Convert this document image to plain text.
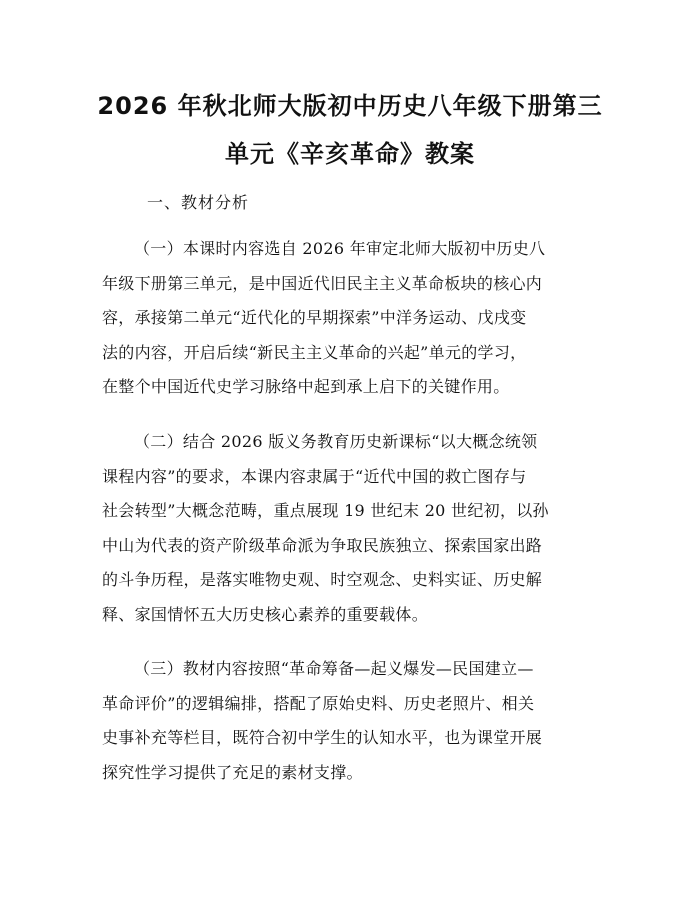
2026 年秋北师大版初中历史八年级下册第三
单元《辛亥革命》教案

一、教材分析

（一）本课时内容选自 2026 年审定北师大版初中历史八
年级下册第三单元，是中国近代旧民主主义革命板块的核心内
容，承接第二单元“近代化的早期探索”中洋务运动、戊戌变
法的内容，开启后续“新民主主义革命的兴起”单元的学习，
在整个中国近代史学习脉络中起到承上启下的关键作用。
（二）结合 2026 版义务教育历史新课标“以大概念统领
课程内容”的要求，本课内容隶属于“近代中国的救亡图存与
社会转型”大概念范畴，重点展现 19 世纪末 20 世纪初，以孙
中山为代表的资产阶级革命派为争取民族独立、探索国家出路
的斗争历程，是落实唯物史观、时空观念、史料实证、历史解
释、家国情怀五大历史核心素养的重要载体。
（三）教材内容按照“革命筹备—起义爆发—民国建立—
革命评价”的逻辑编排，搭配了原始史料、历史老照片、相关
史事补充等栏目，既符合初中学生的认知水平，也为课堂开展
探究性学习提供了充足的素材支撑。
